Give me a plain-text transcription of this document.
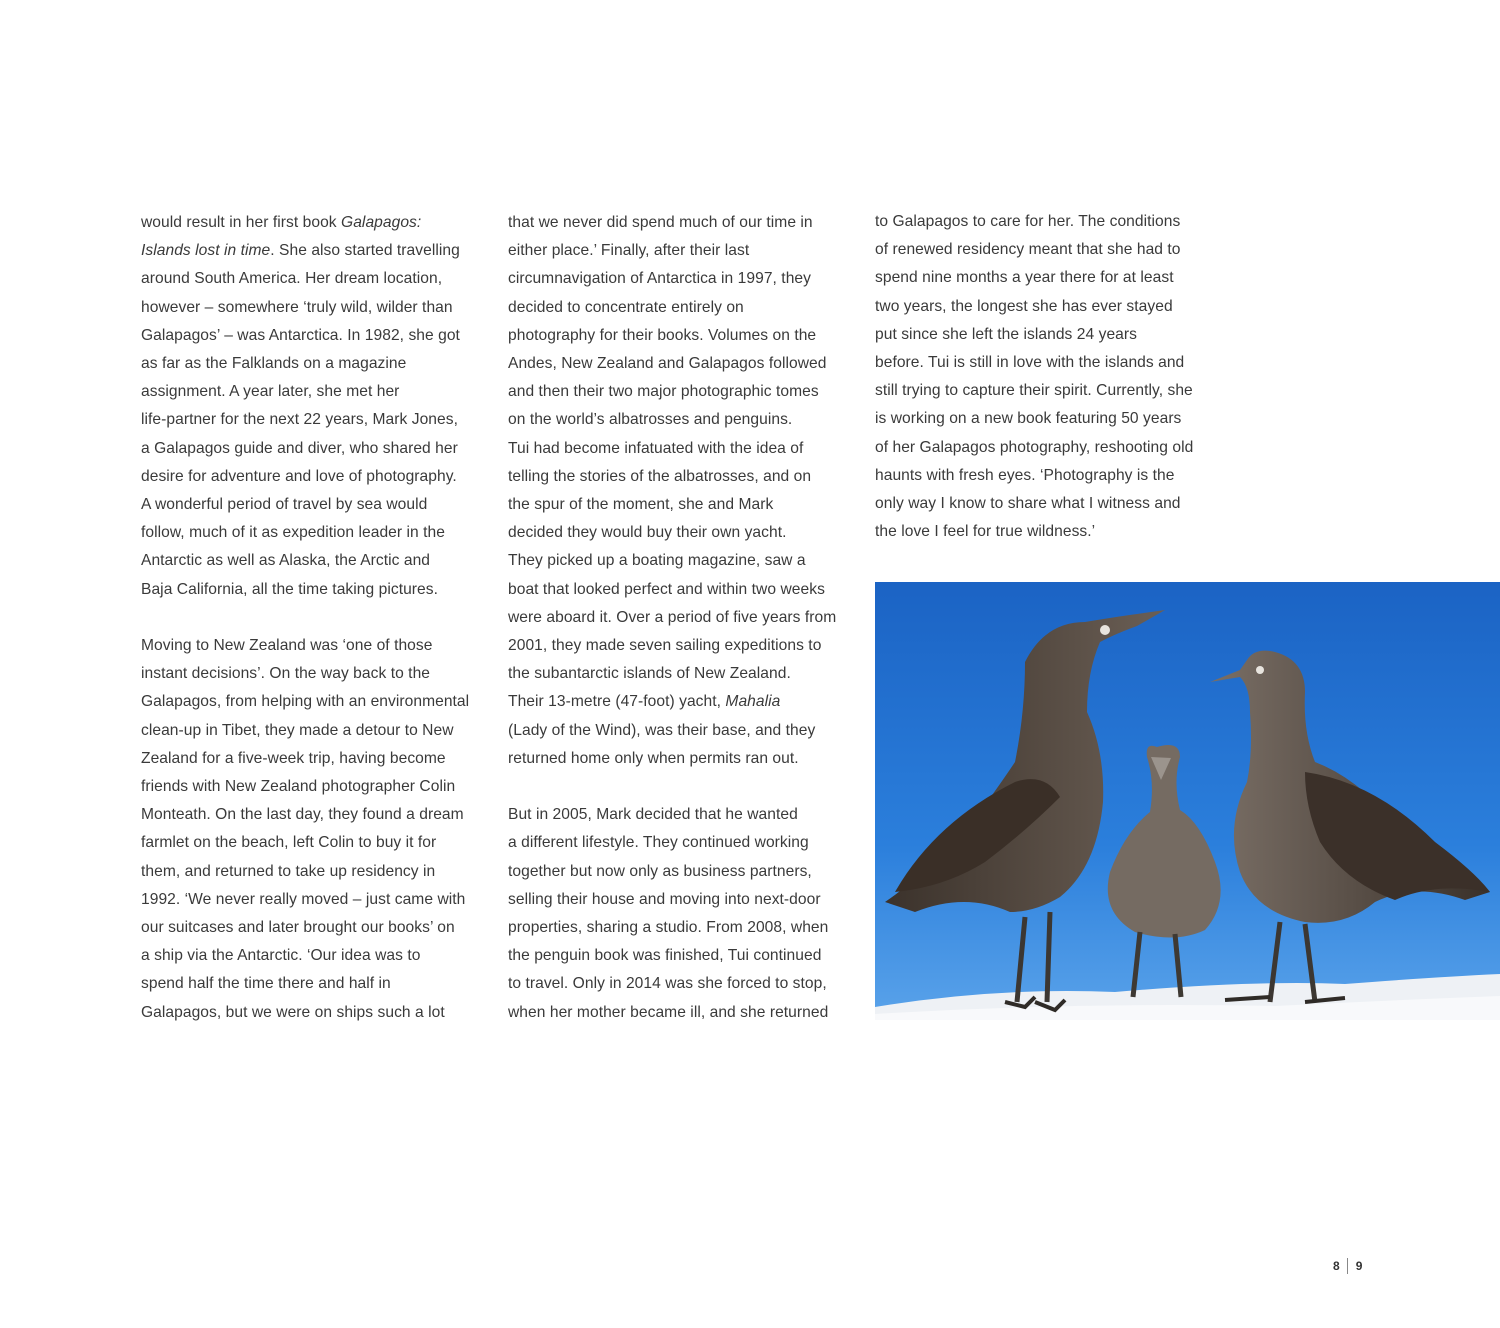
would result in her first book Galapagos:
Islands lost in time. She also started travelling
around South America. Her dream location,
however – somewhere ‘truly wild, wilder than
Galapagos’ – was Antarctica. In 1982, she got
as far as the Falklands on a magazine
assignment. A year later, she met her
life-partner for the next 22 years, Mark Jones,
a Galapagos guide and diver, who shared her
desire for adventure and love of photography.
A wonderful period of travel by sea would
follow, much of it as expedition leader in the
Antarctic as well as Alaska, the Arctic and
Baja California, all the time taking pictures.
Moving to New Zealand was ‘one of those
instant decisions’. On the way back to the
Galapagos, from helping with an environmental
clean-up in Tibet, they made a detour to New
Zealand for a five-week trip, having become
friends with New Zealand photographer Colin
Monteath. On the last day, they found a dream
farmlet on the beach, left Colin to buy it for
them, and returned to take up residency in
1992. ‘We never really moved – just came with
our suitcases and later brought our books’ on
a ship via the Antarctic. ‘Our idea was to
spend half the time there and half in
Galapagos, but we were on ships such a lot
that we never did spend much of our time in
either place.’ Finally, after their last
circumnavigation of Antarctica in 1997, they
decided to concentrate entirely on
photography for their books. Volumes on the
Andes, New Zealand and Galapagos followed
and then their two major photographic tomes
on the world’s albatrosses and penguins.
Tui had become infatuated with the idea of
telling the stories of the albatrosses, and on
the spur of the moment, she and Mark
decided they would buy their own yacht.
They picked up a boating magazine, saw a
boat that looked perfect and within two weeks
were aboard it. Over a period of five years from
2001, they made seven sailing expeditions to
the subantarctic islands of New Zealand.
Their 13-metre (47-foot) yacht, Mahalia
(Lady of the Wind), was their base, and they
returned home only when permits ran out.
But in 2005, Mark decided that he wanted
a different lifestyle. They continued working
together but now only as business partners,
selling their house and moving into next-door
properties, sharing a studio. From 2008, when
the penguin book was finished, Tui continued
to travel. Only in 2014 was she forced to stop,
when her mother became ill, and she returned
to Galapagos to care for her. The conditions
of renewed residency meant that she had to
spend nine months a year there for at least
two years, the longest she has ever stayed
put since she left the islands 24 years
before. Tui is still in love with the islands and
still trying to capture their spirit. Currently, she
is working on a new book featuring 50 years
of her Galapagos photography, reshooting old
haunts with fresh eyes. ‘Photography is the
only way I know to share what I witness and
the love I feel for true wildness.’
8 9
